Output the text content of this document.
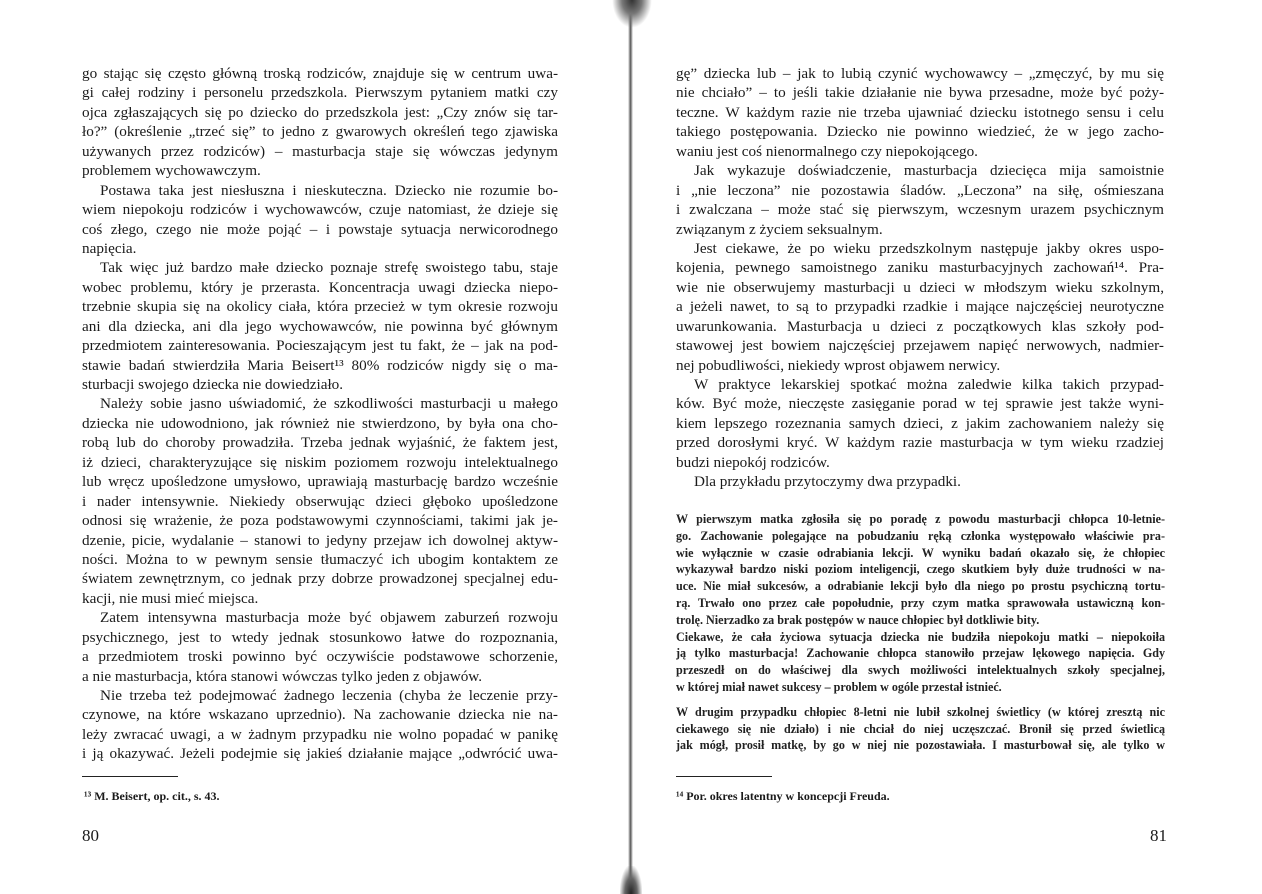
go stając się często główną troską rodziców, znajduje się w centrum uwa-
gi całej rodziny i personelu przedszkola. Pierwszym pytaniem matki czy
ojca zgłaszających się po dziecko do przedszkola jest: „Czy znów się tar-
ło?” (określenie „trzeć się” to jedno z gwarowych określeń tego zjawiska
używanych przez rodziców) – masturbacja staje się wówczas jedynym
problemem wychowawczym.
Postawa taka jest niesłuszna i nieskuteczna. Dziecko nie rozumie bo-
wiem niepokoju rodziców i wychowawców, czuje natomiast, że dzieje się
coś złego, czego nie może pojąć – i powstaje sytuacja nerwicorodnego
napięcia.
Tak więc już bardzo małe dziecko poznaje strefę swoistego tabu, staje
wobec problemu, który je przerasta. Koncentracja uwagi dziecka niepo-
trzebnie skupia się na okolicy ciała, która przecież w tym okresie rozwoju
ani dla dziecka, ani dla jego wychowawców, nie powinna być głównym
przedmiotem zainteresowania. Pocieszającym jest tu fakt, że – jak na pod-
stawie badań stwierdziła Maria Beisert¹³ 80% rodziców nigdy się o ma-
sturbacji swojego dziecka nie dowiedziało.
Należy sobie jasno uświadomić, że szkodliwości masturbacji u małego
dziecka nie udowodniono, jak również nie stwierdzono, by była ona cho-
robą lub do choroby prowadziła. Trzeba jednak wyjaśnić, że faktem jest,
iż dzieci, charakteryzujące się niskim poziomem rozwoju intelektualnego
lub wręcz upośledzone umysłowo, uprawiają masturbację bardzo wcześnie
i nader intensywnie. Niekiedy obserwując dzieci głęboko upośledzone
odnosi się wrażenie, że poza podstawowymi czynnościami, takimi jak je-
dzenie, picie, wydalanie – stanowi to jedyny przejaw ich dowolnej aktyw-
ności. Można to w pewnym sensie tłumaczyć ich ubogim kontaktem ze
światem zewnętrznym, co jednak przy dobrze prowadzonej specjalnej edu-
kacji, nie musi mieć miejsca.
Zatem intensywna masturbacja może być objawem zaburzeń rozwoju
psychicznego, jest to wtedy jednak stosunkowo łatwe do rozpoznania,
a przedmiotem troski powinno być oczywiście podstawowe schorzenie,
a nie masturbacja, która stanowi wówczas tylko jeden z objawów.
Nie trzeba też podejmować żadnego leczenia (chyba że leczenie przy-
czynowe, na które wskazano uprzednio). Na zachowanie dziecka nie na-
leży zwracać uwagi, a w żadnym przypadku nie wolno popadać w panikę
i ją okazywać. Jeżeli podejmie się jakieś działanie mające „odwrócić uwa-
¹³ M. Beisert, op. cit., s. 43.
80
gę” dziecka lub – jak to lubią czynić wychowawcy – „zmęczyć, by mu się
nie chciało” – to jeśli takie działanie nie bywa przesadne, może być poży-
teczne. W każdym razie nie trzeba ujawniać dziecku istotnego sensu i celu
takiego postępowania. Dziecko nie powinno wiedzieć, że w jego zacho-
waniu jest coś nienormalnego czy niepokojącego.
Jak wykazuje doświadczenie, masturbacja dziecięca mija samoistnie
i „nie leczona” nie pozostawia śladów. „Leczona” na siłę, ośmieszana
i zwalczana – może stać się pierwszym, wczesnym urazem psychicznym
związanym z życiem seksualnym.
Jest ciekawe, że po wieku przedszkolnym następuje jakby okres uspo-
kojenia, pewnego samoistnego zaniku masturbacyjnych zachowań¹⁴. Pra-
wie nie obserwujemy masturbacji u dzieci w młodszym wieku szkolnym,
a jeżeli nawet, to są to przypadki rzadkie i mające najczęściej neurotyczne
uwarunkowania. Masturbacja u dzieci z początkowych klas szkoły pod-
stawowej jest bowiem najczęściej przejawem napięć nerwowych, nadmier-
nej pobudliwości, niekiedy wprost objawem nerwicy.
W praktyce lekarskiej spotkać można zaledwie kilka takich przypad-
ków. Być może, nieczęste zasięganie porad w tej sprawie jest także wyni-
kiem lepszego rozeznania samych dzieci, z jakim zachowaniem należy się
przed dorosłymi kryć. W każdym razie masturbacja w tym wieku rzadziej
budzi niepokój rodziców.
Dla przykładu przytoczymy dwa przypadki.
W pierwszym matka zgłosiła się po poradę z powodu masturbacji chłopca 10-letnie-
go. Zachowanie polegające na pobudzaniu ręką członka występowało właściwie pra-
wie wyłącznie w czasie odrabiania lekcji. W wyniku badań okazało się, że chłopiec
wykazywał bardzo niski poziom inteligencji, czego skutkiem były duże trudności w na-
uce. Nie miał sukcesów, a odrabianie lekcji było dla niego po prostu psychiczną tortu-
rą. Trwało ono przez całe popołudnie, przy czym matka sprawowała ustawiczną kon-
trolę. Nierzadko za brak postępów w nauce chłopiec był dotkliwie bity.
Ciekawe, że cała życiowa sytuacja dziecka nie budziła niepokoju matki – niepokoiła
ją tylko masturbacja! Zachowanie chłopca stanowiło przejaw lękowego napięcia. Gdy
przeszedł on do właściwej dla swych możliwości intelektualnych szkoły specjalnej,
w której miał nawet sukcesy – problem w ogóle przestał istnieć.
W drugim przypadku chłopiec 8-letni nie lubił szkolnej świetlicy (w której zresztą nic
ciekawego się nie działo) i nie chciał do niej uczęszczać. Bronił się przed świetlicą
jak mógł, prosił matkę, by go w niej nie pozostawiała. I masturbował się, ale tylko w
¹⁴ Por. okres latentny w koncepcji Freuda.
81
